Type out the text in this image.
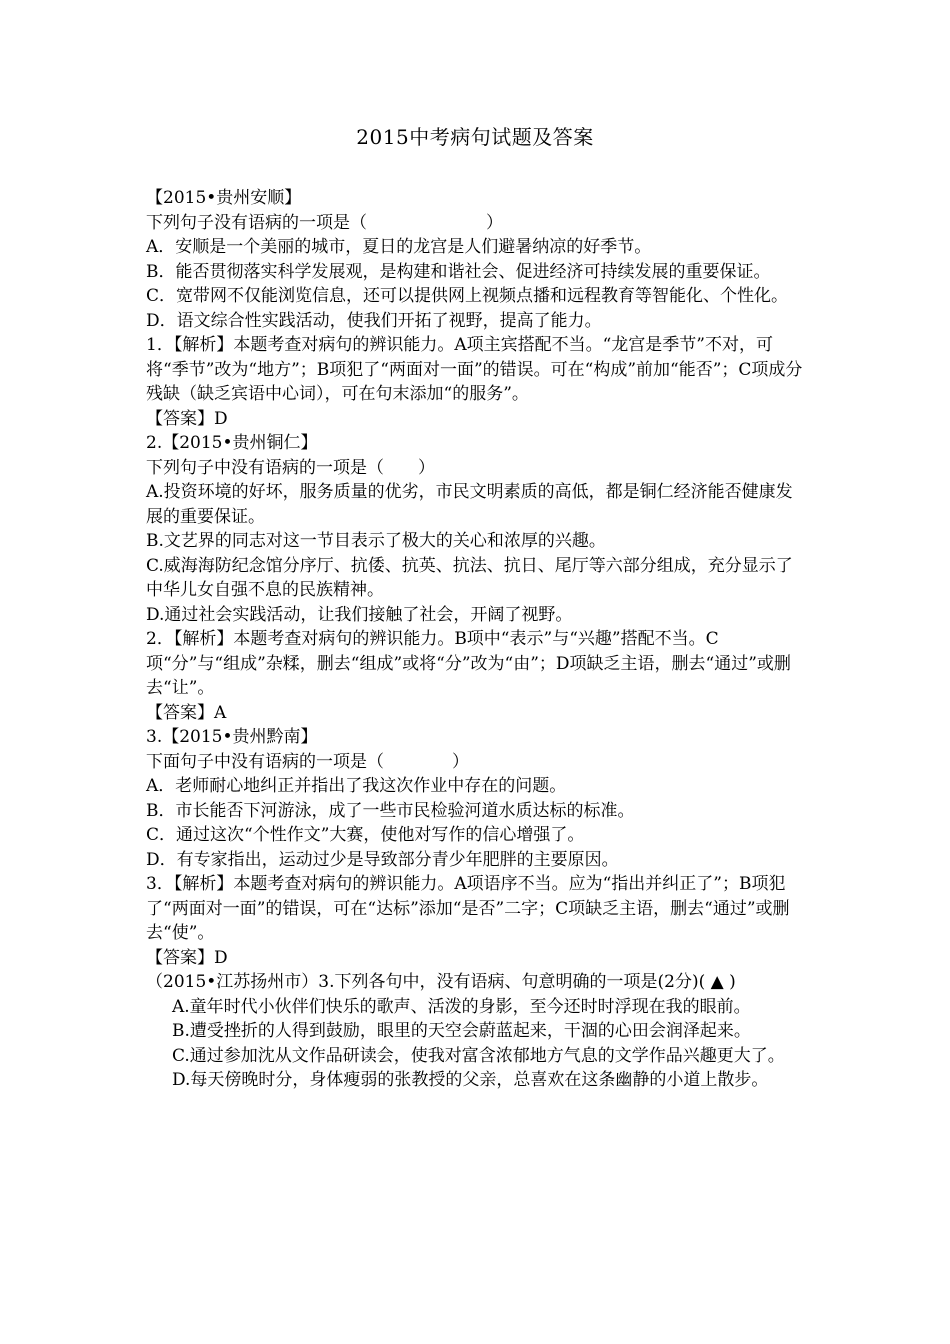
2015中考病句试题及答案

【2015•贵州安顺】

下列句子没有语病的一项是（　　　　　　　）

A．安顺是一个美丽的城市，夏日的龙宫是人们避暑纳凉的好季节。

B．能否贯彻落实科学发展观，是构建和谐社会、促进经济可持续发展的重要保证。

C．宽带网不仅能浏览信息，还可以提供网上视频点播和远程教育等智能化、个性化。

D．语文综合性实践活动，使我们开拓了视野，提高了能力。

1．【解析】本题考查对病句的辨识能力。A项主宾搭配不当。“龙宫是季节”不对，可将“季节”改为“地方”；B项犯了“两面对一面”的错误。可在“构成”前加“能否”；C项成分残缺（缺乏宾语中心词），可在句末添加“的服务”。

【答案】D

2.【2015•贵州铜仁】

下列句子中没有语病的一项是（　　）

A.投资环境的好坏，服务质量的优劣，市民文明素质的高低，都是铜仁经济能否健康发展的重要保证。

B.文艺界的同志对这一节目表示了极大的关心和浓厚的兴趣。

C.威海海防纪念馆分序厅、抗倭、抗英、抗法、抗日、尾厅等六部分组成，充分显示了中华儿女自强不息的民族精神。

D.通过社会实践活动，让我们接触了社会，开阔了视野。

2．【解析】本题考查对病句的辨识能力。B项中“表示”与“兴趣”搭配不当。C项“分”与“组成”杂糅，删去“组成”或将“分”改为“由”；D项缺乏主语，删去“通过”或删去“让”。

【答案】A

3.【2015•贵州黔南】

下面句子中没有语病的一项是（　　　　）

A．老师耐心地纠正并指出了我这次作业中存在的问题。

B．市长能否下河游泳，成了一些市民检验河道水质达标的标准。

C．通过这次“个性作文”大赛，使他对写作的信心增强了。

D．有专家指出，运动过少是导致部分青少年肥胖的主要原因。

3．【解析】本题考查对病句的辨识能力。A项语序不当。应为“指出并纠正了”；B项犯了“两面对一面”的错误，可在“达标”添加“是否”二字；C项缺乏主语，删去“通过”或删去“使”。

【答案】D

（2015•江苏扬州市）3.下列各句中，没有语病、句意明确的一项是(2分)( ▲ )

A.童年时代小伙伴们快乐的歌声、活泼的身影，至今还时时浮现在我的眼前。

B.遭受挫折的人得到鼓励，眼里的天空会蔚蓝起来，干涸的心田会润泽起来。

C.通过参加沈从文作品研读会，使我对富含浓郁地方气息的文学作品兴趣更大了。

D.每天傍晚时分，身体瘦弱的张教授的父亲，总喜欢在这条幽静的小道上散步。
